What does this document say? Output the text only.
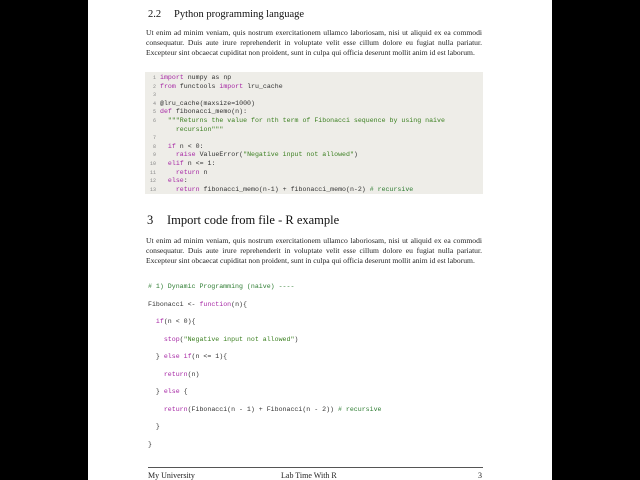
2.2 Python programming language
Ut enim ad minim veniam, quis nostrum exercitationem ullamco laboriosam, nisi ut aliquid ex ea commodi consequatur. Duis aute irure reprehenderit in voluptate velit esse cillum dolore eu fugiat nulla pariatur. Excepteur sint obcaecat cupiditat non proident, sunt in culpa qui officia deserunt mollit anim id est laborum.
1 import numpy as np
2 from functools import lru_cache
3
4 @lru_cache(maxsize=1000)
5 def fibonacci_memo(n):
6  """Returns the value for nth term of Fibonacci sequence by using naive
recursion"""
7
8 if n < 0:
9	raise ValueError("Negative input not allowed")
10 elif n <= 1:
11	return n
12 else:
13	return fibonacci_memo(n-1) + fibonacci_memo(n-2) # recursive
3 Import code from file - R example
Ut enim ad minim veniam, quis nostrum exercitationem ullamco laboriosam, nisi ut aliquid ex ea commodi consequatur. Duis aute irure reprehenderit in voluptate velit esse cillum dolore eu fugiat nulla pariatur. Excepteur sint obcaecat cupiditat non proident, sunt in culpa qui officia deserunt mollit anim id est laborum.
# 1) Dynamic Programming (naive) ----
Fibonacci <- function(n){
if(n < 0){
stop("Negative input not allowed")
} else if(n <= 1){
return(n)
} else {
return(Fibonacci(n - 1) + Fibonacci(n - 2)) # recursive
}
}
My University	Lab Time With R	3
